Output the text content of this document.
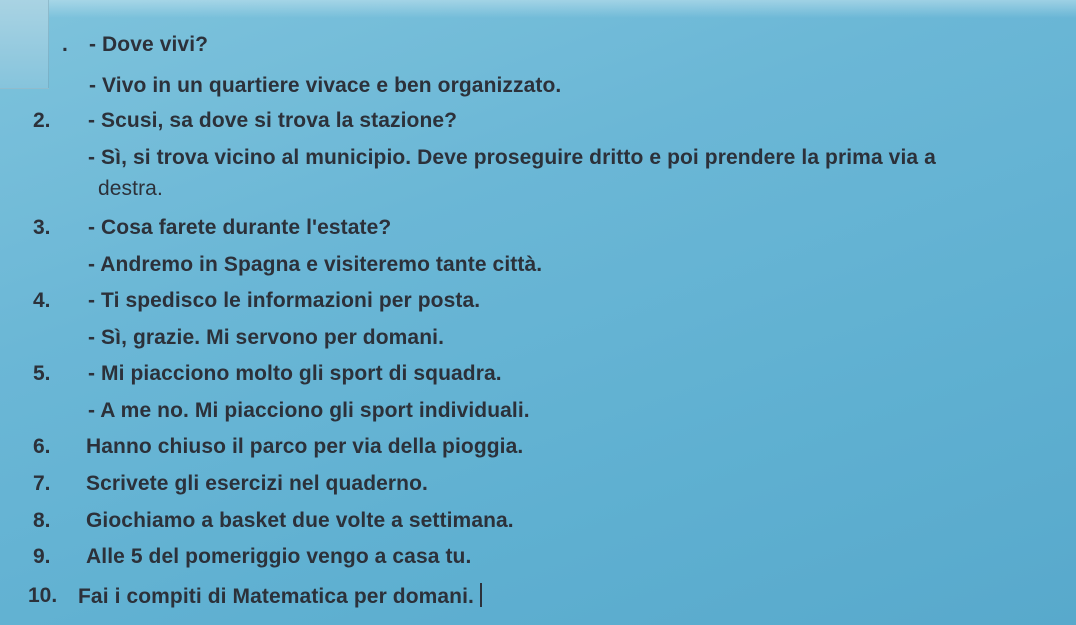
. - Dove vivi?
- Vivo in un quartiere vivace e ben organizzato.
2. - Scusi, sa dove si trova la stazione?
- Sì, si trova vicino al municipio. Deve proseguire dritto e poi prendere la prima via a
destra.
3. - Cosa farete durante l'estate?
- Andremo in Spagna e visiteremo tante città.
4. - Ti spedisco le informazioni per posta.
- Sì, grazie. Mi servono per domani.
5. - Mi piacciono molto gli sport di squadra.
- A me no. Mi piacciono gli sport individuali.
6. Hanno chiuso il parco per via della pioggia.
7. Scrivete gli esercizi nel quaderno.
8. Giochiamo a basket due volte a settimana.
9. Alle 5 del pomeriggio vengo a casa tu.
10. Fai i compiti di Matematica per domani.
